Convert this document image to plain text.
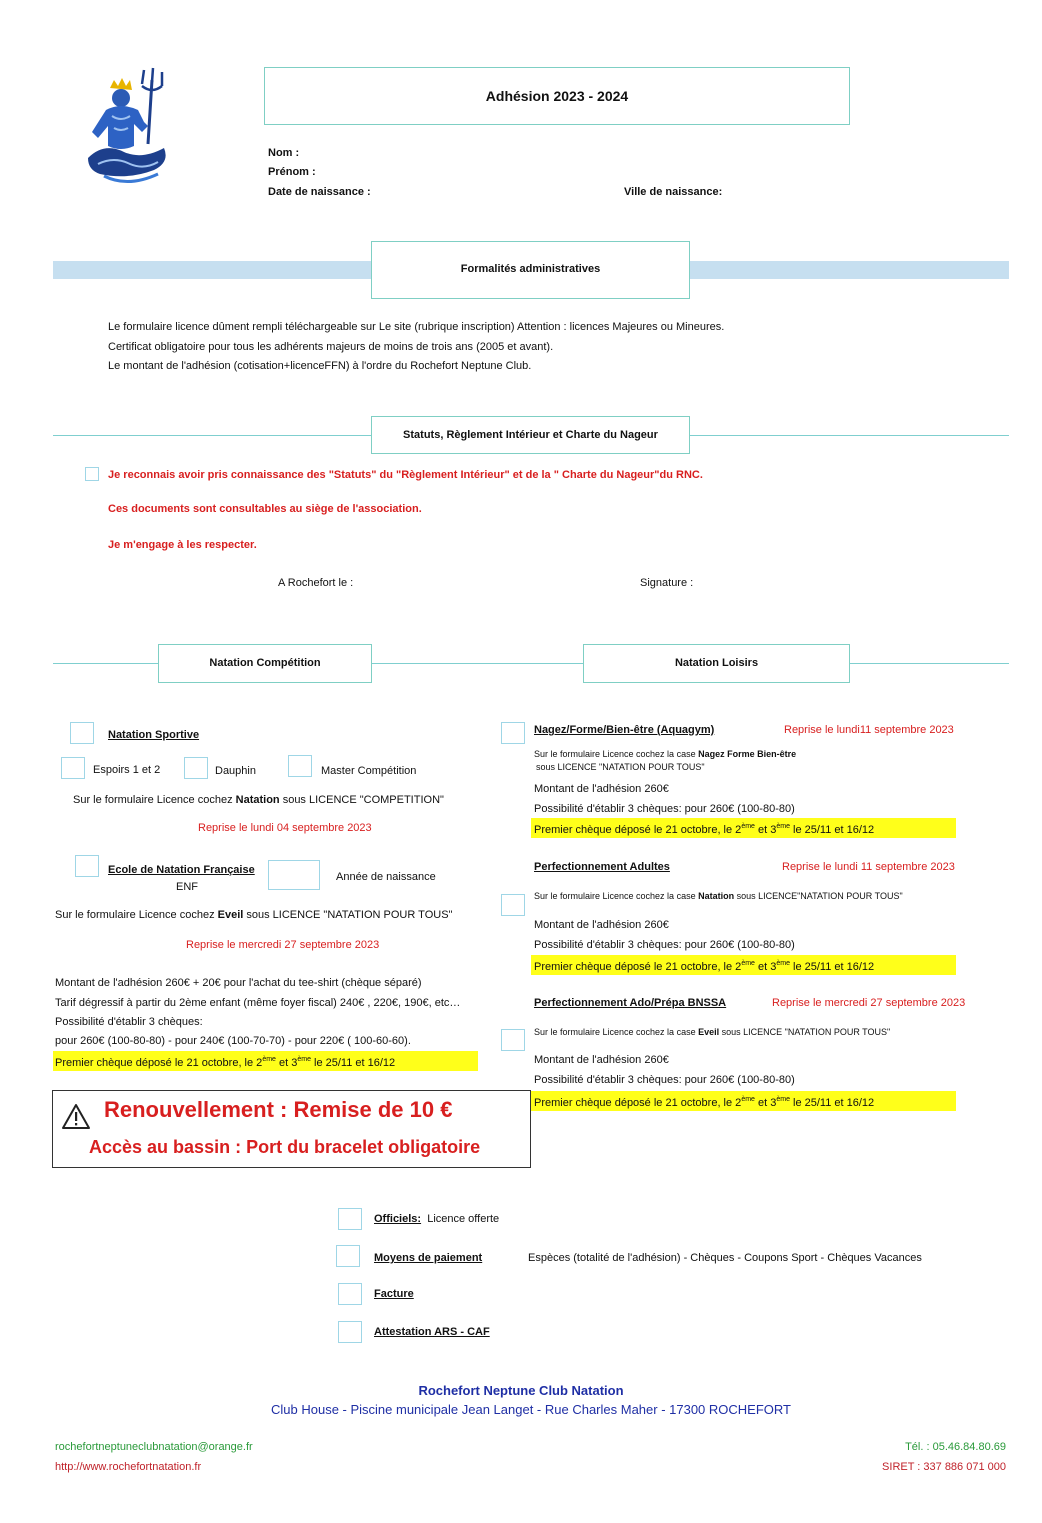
Adhésion 2023 - 2024
Nom :
Prénom :
Date de naissance :	Ville de naissance:
Formalités administratives
Le formulaire licence dûment rempli téléchargeable sur Le site (rubrique inscription) Attention : licences Majeures ou Mineures.
Certificat obligatoire pour tous les adhérents majeurs de moins de trois ans (2005 et avant).
Le montant de l'adhésion (cotisation+licenceFFN) à l'ordre du Rochefort Neptune Club.
Statuts, Règlement Intérieur et Charte du Nageur
Je reconnais avoir pris connaissance des "Statuts" du "Règlement Intérieur" et de la " Charte du Nageur"du RNC.
Ces documents sont consultables au siège de l'association.
Je m'engage à les respecter.
A Rochefort le :	Signature :
Natation Compétition	Natation Loisirs
Natation Sportive
Espoirs 1 et 2	Dauphin	Master Compétition
Sur le formulaire Licence cochez Natation sous LICENCE "COMPETITION"
Reprise le lundi 04 septembre 2023
Ecole de Natation Française
ENF
Année de naissance
Sur le formulaire Licence cochez Eveil sous LICENCE "NATATION POUR TOUS"
Reprise le mercredi 27 septembre 2023
Montant de l'adhésion 260€ + 20€ pour l'achat du tee-shirt (chèque séparé)
Tarif dégressif à partir du 2ème enfant (même foyer fiscal) 240€ , 220€, 190€, etc…
Possibilité d'établir 3 chèques:
pour 260€ (100-80-80) - pour 240€ (100-70-70) - pour 220€ ( 100-60-60).
Premier chèque déposé le 21 octobre, le 2ème et 3ème le 25/11 et 16/12
Renouvellement : Remise de 10 €
Accès au bassin : Port du bracelet obligatoire
Nagez/Forme/Bien-être (Aquagym)	Reprise le lundi11 septembre 2023
Sur le formulaire Licence cochez la case Nagez Forme Bien-être
sous LICENCE "NATATION POUR TOUS"
Montant de l'adhésion 260€
Possibilité d'établir 3 chèques: pour 260€ (100-80-80)
Premier chèque déposé le 21 octobre, le 2ème et 3ème le 25/11 et 16/12
Perfectionnement Adultes	Reprise le lundi 11 septembre 2023
Sur le formulaire Licence cochez la case Natation sous LICENCE"NATATION POUR TOUS"
Montant de l'adhésion 260€
Possibilité d'établir 3 chèques: pour 260€ (100-80-80)
Premier chèque déposé le 21 octobre, le 2ème et 3ème le 25/11 et 16/12
Perfectionnement Ado/Prépa BNSSA	Reprise le mercredi 27 septembre 2023
Sur le formulaire Licence cochez la case Eveil sous LICENCE "NATATION POUR TOUS"
Montant de l'adhésion 260€
Possibilité d'établir 3 chèques: pour 260€ (100-80-80)
Premier chèque déposé le 21 octobre, le 2ème et 3ème le 25/11 et 16/12
Officiels: Licence offerte
Moyens de paiement	Espèces (totalité de l'adhésion) - Chèques - Coupons Sport - Chèques Vacances
Facture
Attestation ARS - CAF
Rochefort Neptune Club Natation
Club House - Piscine municipale Jean Langet - Rue Charles Maher - 17300 ROCHEFORT
rochefortneptuneclubnatation@orange.fr
http://www.rochefortnatation.fr
Tél. : 05.46.84.80.69
SIRET : 337 886 071 000
